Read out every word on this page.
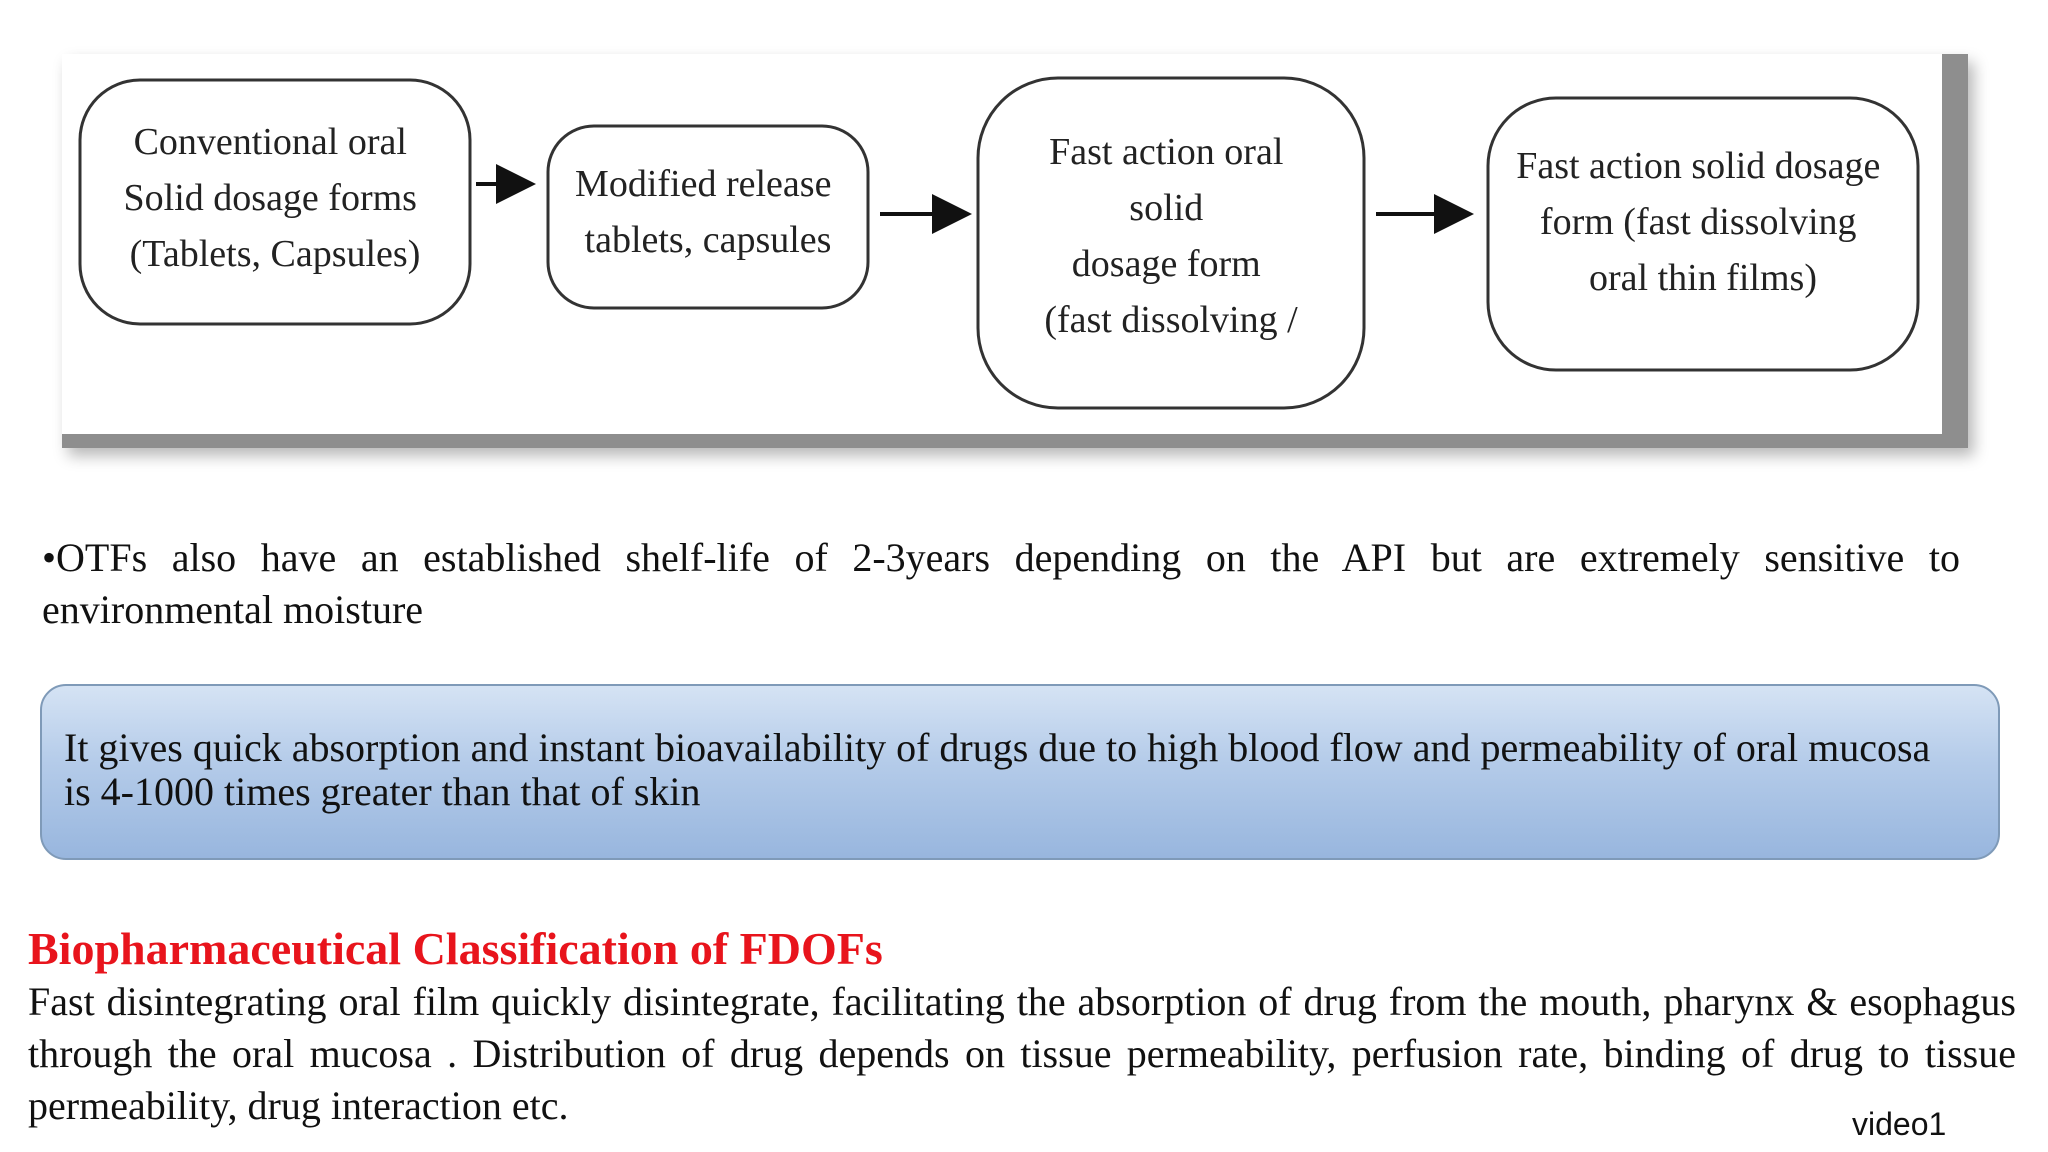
Conventional oral Solid dosage forms (Tablets, Capsules)
Modified release tablets, capsules
Fast action oral solid dosage form (fast dissolving /
Fast action solid dosage form (fast dissolving oral thin films)
•OTFs also have an established shelf-life of 2-3years depending on the API but are extremely sensitive to environmental moisture
It gives quick absorption and instant bioavailability of drugs due to high blood flow and permeability of oral mucosa is 4-1000 times greater than that of skin
Biopharmaceutical Classification of FDOFs
Fast disintegrating oral film quickly disintegrate, facilitating the absorption of drug from the mouth, pharynx & esophagus through the oral mucosa . Distribution of drug depends on tissue permeability, perfusion rate, binding of drug to tissue permeability, drug interaction etc.	video1
